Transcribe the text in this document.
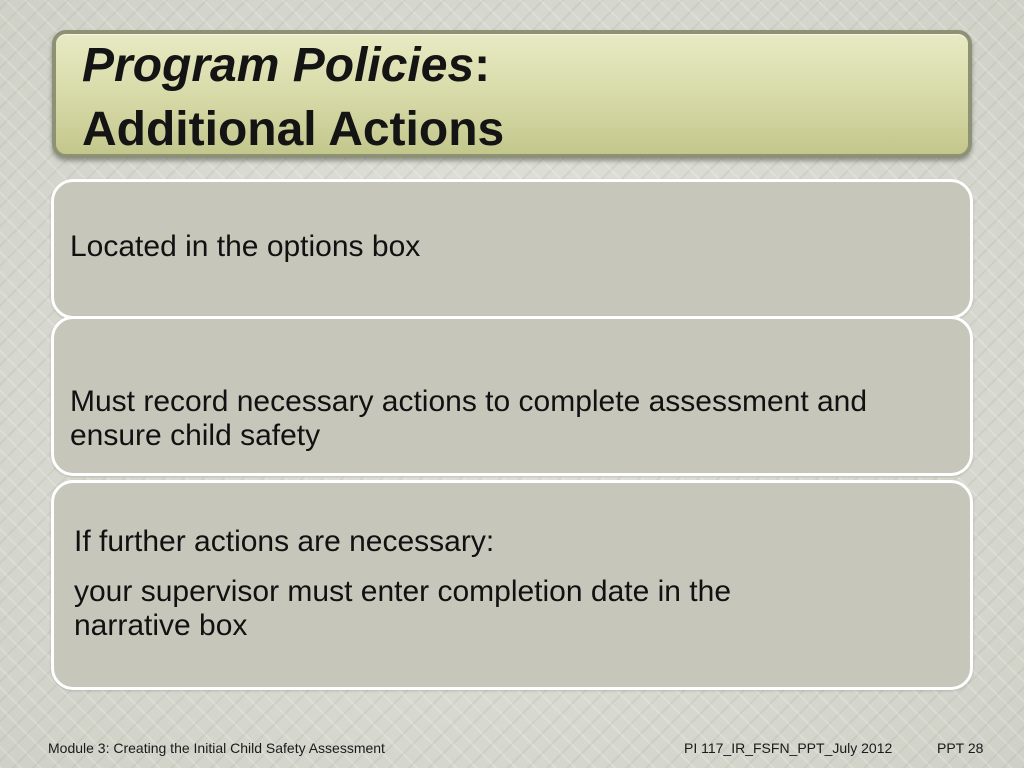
Program Policies:

Additional Actions

Located in the options box

Must record necessary actions to complete assessment and ensure child safety

If further actions are necessary:

your supervisor must enter completion date in the narrative box

Module 3: Creating the Initial Child Safety Assessment	PI 117_IR_FSFN_PPT_July 2012	PPT 28
